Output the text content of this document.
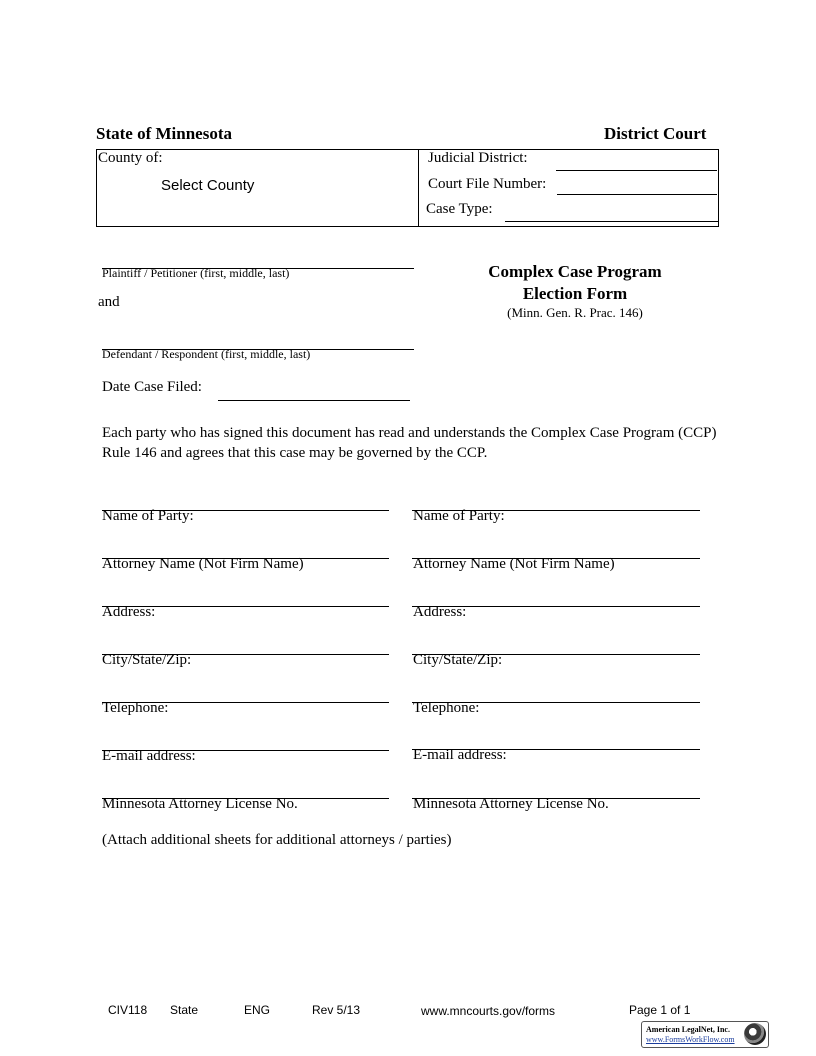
State of Minnesota	District Court
County of:
Select County
Judicial District:
Court File Number:
Case Type:
Plaintiff / Petitioner (first, middle, last)
and
Defendant / Respondent (first, middle, last)
Date Case Filed:
Complex Case Program
Election Form
(Minn. Gen. R. Prac. 146)
Each party who has signed this document has read and understands the Complex Case Program (CCP) Rule 146 and agrees that this case may be governed by the CCP.
Name of Party:
Attorney Name (Not Firm Name)
Address:
City/State/Zip:
Telephone:
E-mail address:
Minnesota Attorney License No.
Name of Party:
Attorney Name (Not Firm Name)
Address:
City/State/Zip:
Telephone:
E-mail address:
Minnesota Attorney License No.
(Attach additional sheets for additional attorneys / parties)
CIV118 State	ENG	Rev 5/13	www.mncourts.gov/forms	Page 1 of 1
American LegalNet, Inc.
www.FormsWorkFlow.com
